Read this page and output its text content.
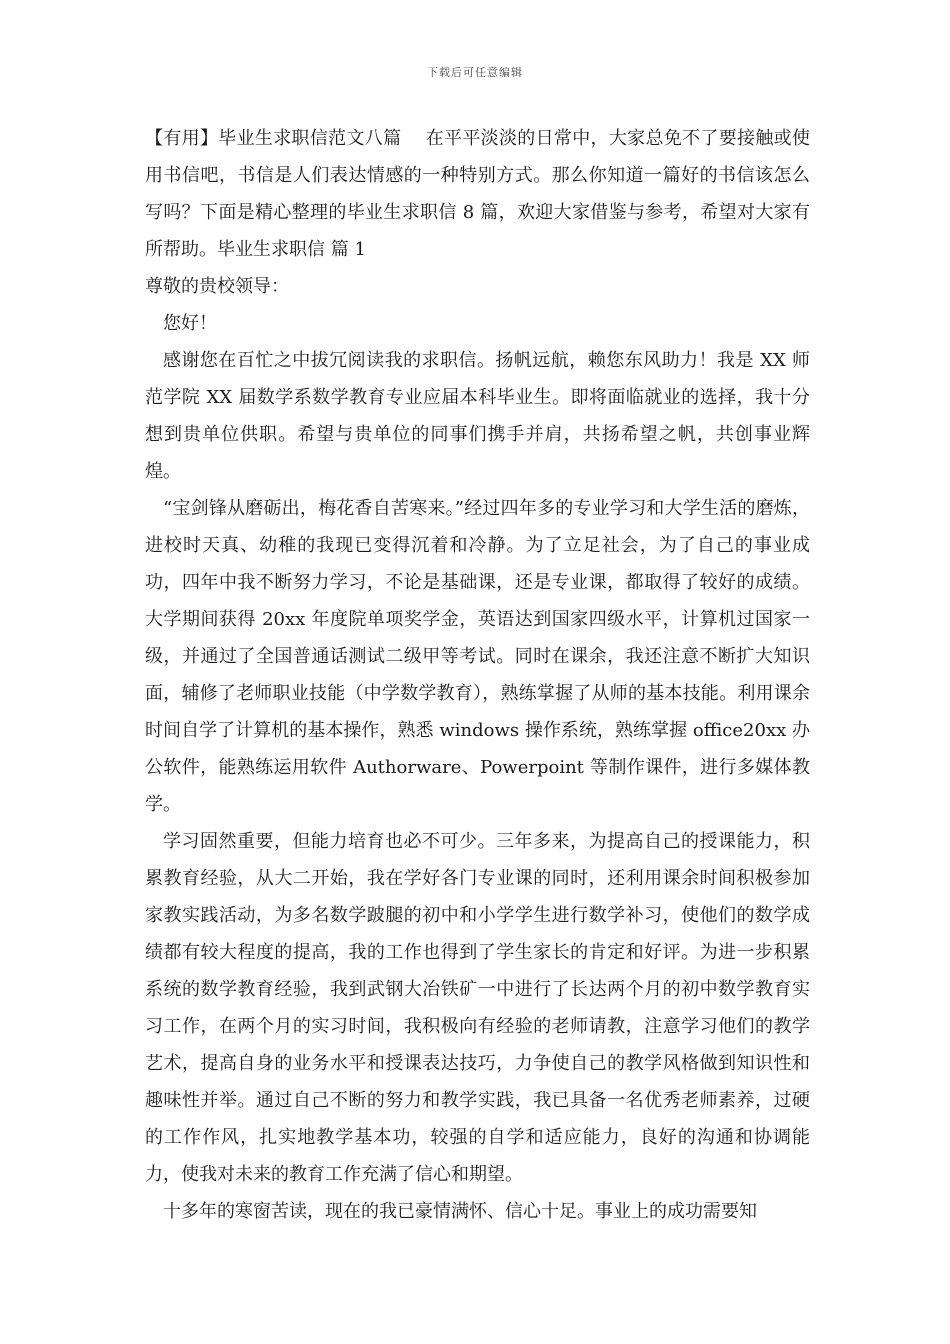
下载后可任意编辑

【有用】毕业生求职信范文八篇　 在平平淡淡的日常中，大家总免不了要接触或使用书信吧，书信是人们表达情感的一种特别方式。那么你知道一篇好的书信该怎么写吗？下面是精心整理的毕业生求职信 8 篇，欢迎大家借鉴与参考，希望对大家有所帮助。毕业生求职信 篇 1

尊敬的贵校领导：

您好！

感谢您在百忙之中拔冗阅读我的求职信。扬帆远航，赖您东风助力！我是 XX 师范学院 XX 届数学系数学教育专业应届本科毕业生。即将面临就业的选择，我十分想到贵单位供职。希望与贵单位的同事们携手并肩，共扬希望之帆，共创事业辉煌。

“宝剑锋从磨砺出，梅花香自苦寒来。”经过四年多的专业学习和大学生活的磨炼，进校时天真、幼稚的我现已变得沉着和冷静。为了立足社会，为了自己的事业成功，四年中我不断努力学习，不论是基础课，还是专业课，都取得了较好的成绩。大学期间获得 20xx 年度院单项奖学金，英语达到国家四级水平，计算机过国家一级，并通过了全国普通话测试二级甲等考试。同时在课余，我还注意不断扩大知识面，辅修了老师职业技能（中学数学教育），熟练掌握了从师的基本技能。利用课余时间自学了计算机的基本操作，熟悉 windows 操作系统，熟练掌握 office20xx 办公软件，能熟练运用软件 Authorware、Powerpoint 等制作课件，进行多媒体教学。

学习固然重要，但能力培育也必不可少。三年多来，为提高自己的授课能力，积累教育经验，从大二开始，我在学好各门专业课的同时，还利用课余时间积极参加家教实践活动，为多名数学跛腿的初中和小学学生进行数学补习，使他们的数学成绩都有较大程度的提高，我的工作也得到了学生家长的肯定和好评。为进一步积累系统的数学教育经验，我到武钢大冶铁矿一中进行了长达两个月的初中数学教育实习工作，在两个月的实习时间，我积极向有经验的老师请教，注意学习他们的教学艺术，提高自身的业务水平和授课表达技巧，力争使自己的教学风格做到知识性和趣味性并举。通过自己不断的努力和教学实践，我已具备一名优秀老师素养，过硬的工作作风，扎实地教学基本功，较强的自学和适应能力，良好的沟通和协调能力，使我对未来的教育工作充满了信心和期望。

十多年的寒窗苦读，现在的我已豪情满怀、信心十足。事业上的成功需要知
